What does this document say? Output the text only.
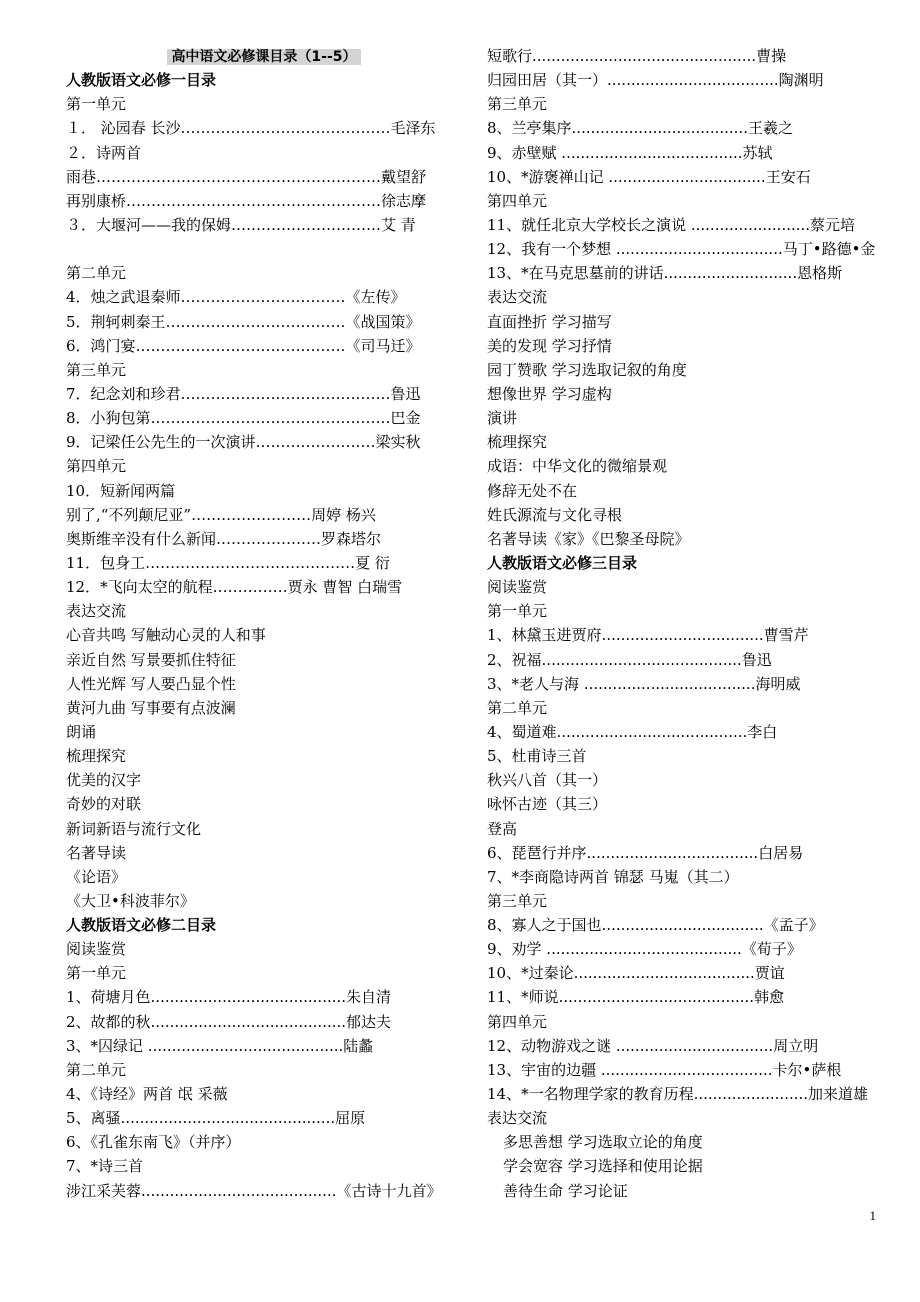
高中语文必修课目录（1--5）
人教版语文必修一目录
第一单元
１． 沁园春 长沙……………………………………毛泽东
２．诗两首
雨巷…………………………………………………戴望舒
再别康桥……………………………………………徐志摩
３．大堰河——我的保姆…………………………艾 青
第二单元
4．烛之武退秦师……………………………《左传》
5．荆轲刺秦王………………………………《战国策》
6．鸿门宴……………………………………《司马迁》
第三单元
7．纪念刘和珍君……………………………………鲁迅
8．小狗包第…………………………………………巴金
9．记梁任公先生的一次演讲……………………梁实秋
第四单元
10．短新闻两篇
别了,“不列颠尼亚”……………………周婷 杨兴
奥斯维辛没有什么新闻…………………罗森塔尔
11．包身工……………………………………夏 衍
12．*飞向太空的航程……………贾永 曹智 白瑞雪
表达交流
心音共鸣 写触动心灵的人和事
亲近自然 写景要抓住特征
人性光辉 写人要凸显个性
黄河九曲 写事要有点波澜
朗诵
梳理探究
优美的汉字
奇妙的对联
新词新语与流行文化
名著导读
《论语》
《大卫•科波菲尔》
人教版语文必修二目录
阅读鉴赏
第一单元
1、荷塘月色.........................................朱自清
2、故都的秋.........................................郁达夫
3、*囚绿记 .........................................陆蠡
第二单元
4、《诗经》两首 氓 采薇
5、离骚.............................................屈原
6、《孔雀东南飞》（并序）
7、*诗三首
涉江采芙蓉.........................................《古诗十九首》
短歌行...............................................曹操
归园田居（其一）....................................陶渊明
第三单元
8、兰亭集序.....................................王羲之
9、赤壁赋 ......................................苏轼
10、*游褒禅山记 .................................王安石
第四单元
11、就任北京大学校长之演说 .........................蔡元培
12、我有一个梦想 ...................................马丁•路德•金
13、*在马克思墓前的讲话............................恩格斯
表达交流
直面挫折 学习描写
美的发现 学习抒情
园丁赞歌 学习选取记叙的角度
想像世界 学习虚构
演讲
梳理探究
成语：中华文化的微缩景观
修辞无处不在
姓氏源流与文化寻根
名著导读《家》《巴黎圣母院》
人教版语文必修三目录
阅读鉴赏
第一单元
1、林黛玉进贾府..................................曹雪芹
2、祝福..........................................鲁迅
3、*老人与海 ....................................海明威
第二单元
4、蜀道难........................................李白
5、杜甫诗三首
秋兴八首（其一）
咏怀古迹（其三）
登高
6、琵琶行并序....................................白居易
7、*李商隐诗两首 锦瑟 马嵬（其二）
第三单元
8、寡人之于国也..................................《孟子》
9、劝学 .........................................《荀子》
10、*过秦论......................................贾谊
11、*师说.........................................韩愈
第四单元
12、动物游戏之谜 .................................周立明
13、宇宙的边疆 ....................................卡尔•萨根
14、*一名物理学家的教育历程........................加来道雄
表达交流
多思善想 学习选取立论的角度
学会宽容 学习选择和使用论据
善待生命 学习论证
1
